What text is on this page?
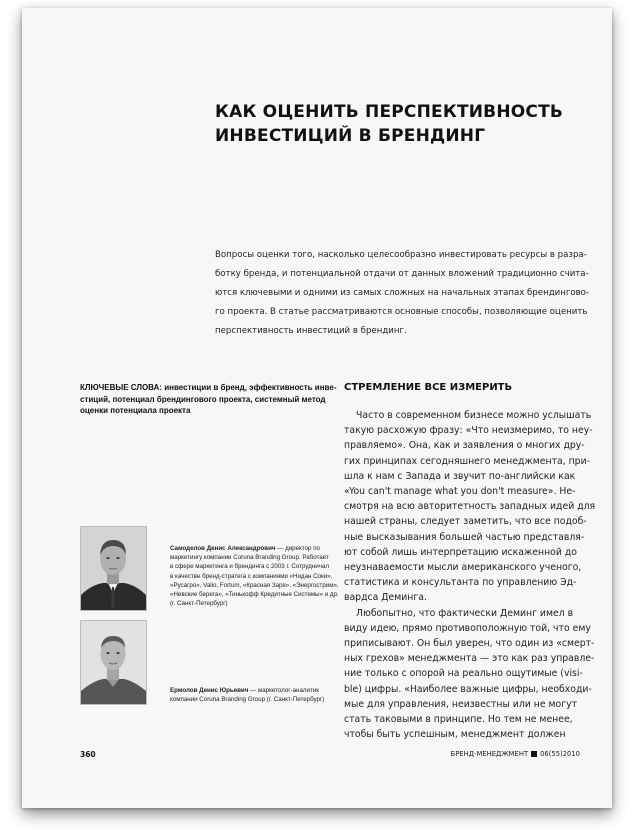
КАК ОЦЕНИТЬ ПЕРСПЕКТИВНОСТЬ
ИНВЕСТИЦИЙ В БРЕНДИНГ
Вопросы оценки того, насколько целесообразно инвестировать ресурсы в разра-
ботку бренда, и потенциальной отдачи от данных вложений традиционно счита-
ются ключевыми и одними из самых сложных на начальных этапах брендингово-
го проекта. В статье рассматриваются основные способы, позволяющие оценить
перспективность инвестиций в брендинг.
КЛЮЧЕВЫЕ СЛОВА: инвестиции в бренд, эффективность инве-
стиций, потенциал брендингового проекта, системный метод
оценки потенциала проекта
СТРЕМЛЕНИЕ ВСЕ ИЗМЕРИТЬ
Часто в современном бизнесе можно услышать
такую расхожую фразу: «Что неизмеримо, то неу-
правляемо». Она, как и заявления о многих дру-
гих принципах сегодняшнего менеджмента, при-
шла к нам с Запада и звучит по-английски как
«You can't manage what you don't measure». Не-
смотря на всю авторитетность западных идей для
нашей страны, следует заметить, что все подоб-
ные высказывания большей частью представля-
ют собой лишь интерпретацию искаженной до
неузнаваемости мысли американского ученого,
статистика и консультанта по управлению Эд-
вардса Деминга.
Любопытно, что фактически Деминг имел в
виду идею, прямо противоположную той, что ему
приписывают. Он был уверен, что один из «смерт-
ных грехов» менеджмента — это как раз управле-
ние только с опорой на реально ощутимые (visi-
ble) цифры. «Наиболее важные цифры, необходи-
мые для управления, неизвестны или не могут
стать таковыми в принципе. Но тем не менее,
чтобы быть успешным, менеджмент должен
Самоделов Денис Александрович — директор по
маркетингу компании Coruna Branding Group. Работает
в сфере маркетинга и брендинга с 2003 г. Сотрудничал
в качестве бренд-стратега с компаниями «Нидан Соки»,
«Русагро», Valio, Fortum, «Красная Заря», «Энергострим»,
«Невские берега», «Тинькофф Кредитные Системы» и др.
(г. Санкт-Петербург)
Ермолов Денис Юрьевич — маркетолог-аналитик
компании Coruna Branding Group (г. Санкт-Петербург)
360	БРЕНД-МЕНЕДЖМЕНТ 06(55)2010
